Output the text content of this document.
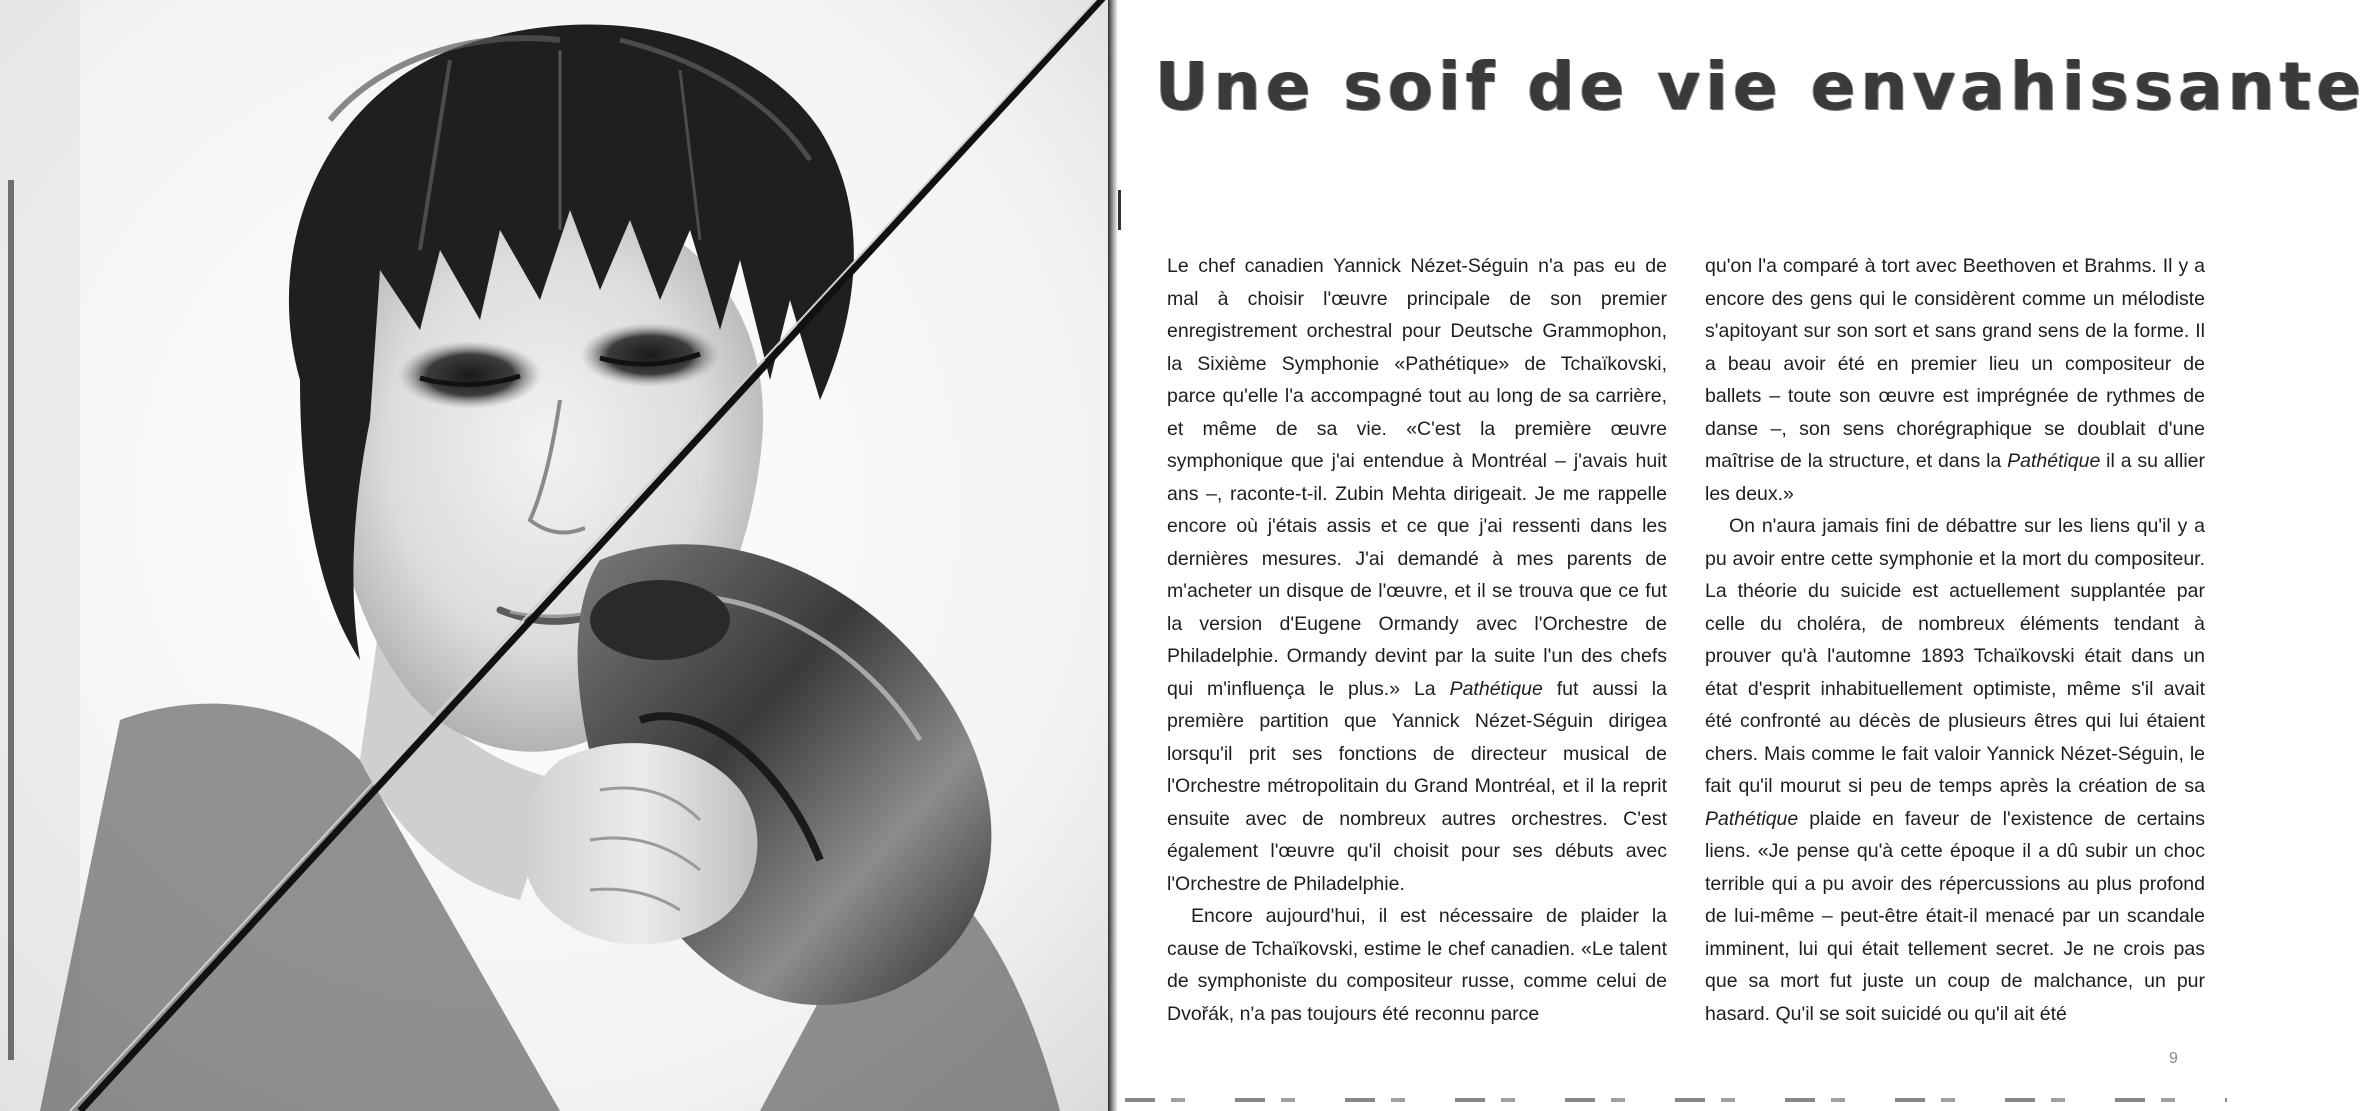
Une soif de vie envahissante

Le chef canadien Yannick Nézet-Séguin n'a pas eu de mal à choisir l'œuvre principale de son premier enregistrement orchestral pour Deutsche Grammophon, la Sixième Symphonie «Pathétique» de Tchaïkovski, parce qu'elle l'a accompagné tout au long de sa carrière, et même de sa vie. «C'est la première œuvre symphonique que j'ai entendue à Montréal – j'avais huit ans –, raconte-t-il. Zubin Mehta dirigeait. Je me rappelle encore où j'étais assis et ce que j'ai ressenti dans les dernières mesures. J'ai demandé à mes parents de m'acheter un disque de l'œuvre, et il se trouva que ce fut la version d'Eugene Ormandy avec l'Orchestre de Philadelphie. Ormandy devint par la suite l'un des chefs qui m'influença le plus.» La Pathétique fut aussi la première partition que Yannick Nézet-Séguin dirigea lorsqu'il prit ses fonctions de directeur musical de l'Orchestre métropolitain du Grand Montréal, et il la reprit ensuite avec de nombreux autres orchestres. C'est également l'œuvre qu'il choisit pour ses débuts avec l'Orchestre de Philadelphie.

Encore aujourd'hui, il est nécessaire de plaider la cause de Tchaïkovski, estime le chef canadien. «Le talent de symphoniste du compositeur russe, comme celui de Dvořák, n'a pas toujours été reconnu parce

qu'on l'a comparé à tort avec Beethoven et Brahms. Il y a encore des gens qui le considèrent comme un mélodiste s'apitoyant sur son sort et sans grand sens de la forme. Il a beau avoir été en premier lieu un compositeur de ballets – toute son œuvre est imprégnée de rythmes de danse –, son sens chorégraphique se doublait d'une maîtrise de la structure, et dans la Pathétique il a su allier les deux.»

On n'aura jamais fini de débattre sur les liens qu'il y a pu avoir entre cette symphonie et la mort du compositeur. La théorie du suicide est actuellement supplantée par celle du choléra, de nombreux éléments tendant à prouver qu'à l'automne 1893 Tchaïkovski était dans un état d'esprit inhabituellement optimiste, même s'il avait été confronté au décès de plusieurs êtres qui lui étaient chers. Mais comme le fait valoir Yannick Nézet-Séguin, le fait qu'il mourut si peu de temps après la création de sa Pathétique plaide en faveur de l'existence de certains liens. «Je pense qu'à cette époque il a dû subir un choc terrible qui a pu avoir des répercussions au plus profond de lui-même – peut-être était-il menacé par un scandale imminent, lui qui était tellement secret. Je ne crois pas que sa mort fut juste un coup de malchance, un pur hasard. Qu'il se soit suicidé ou qu'il ait été

9
